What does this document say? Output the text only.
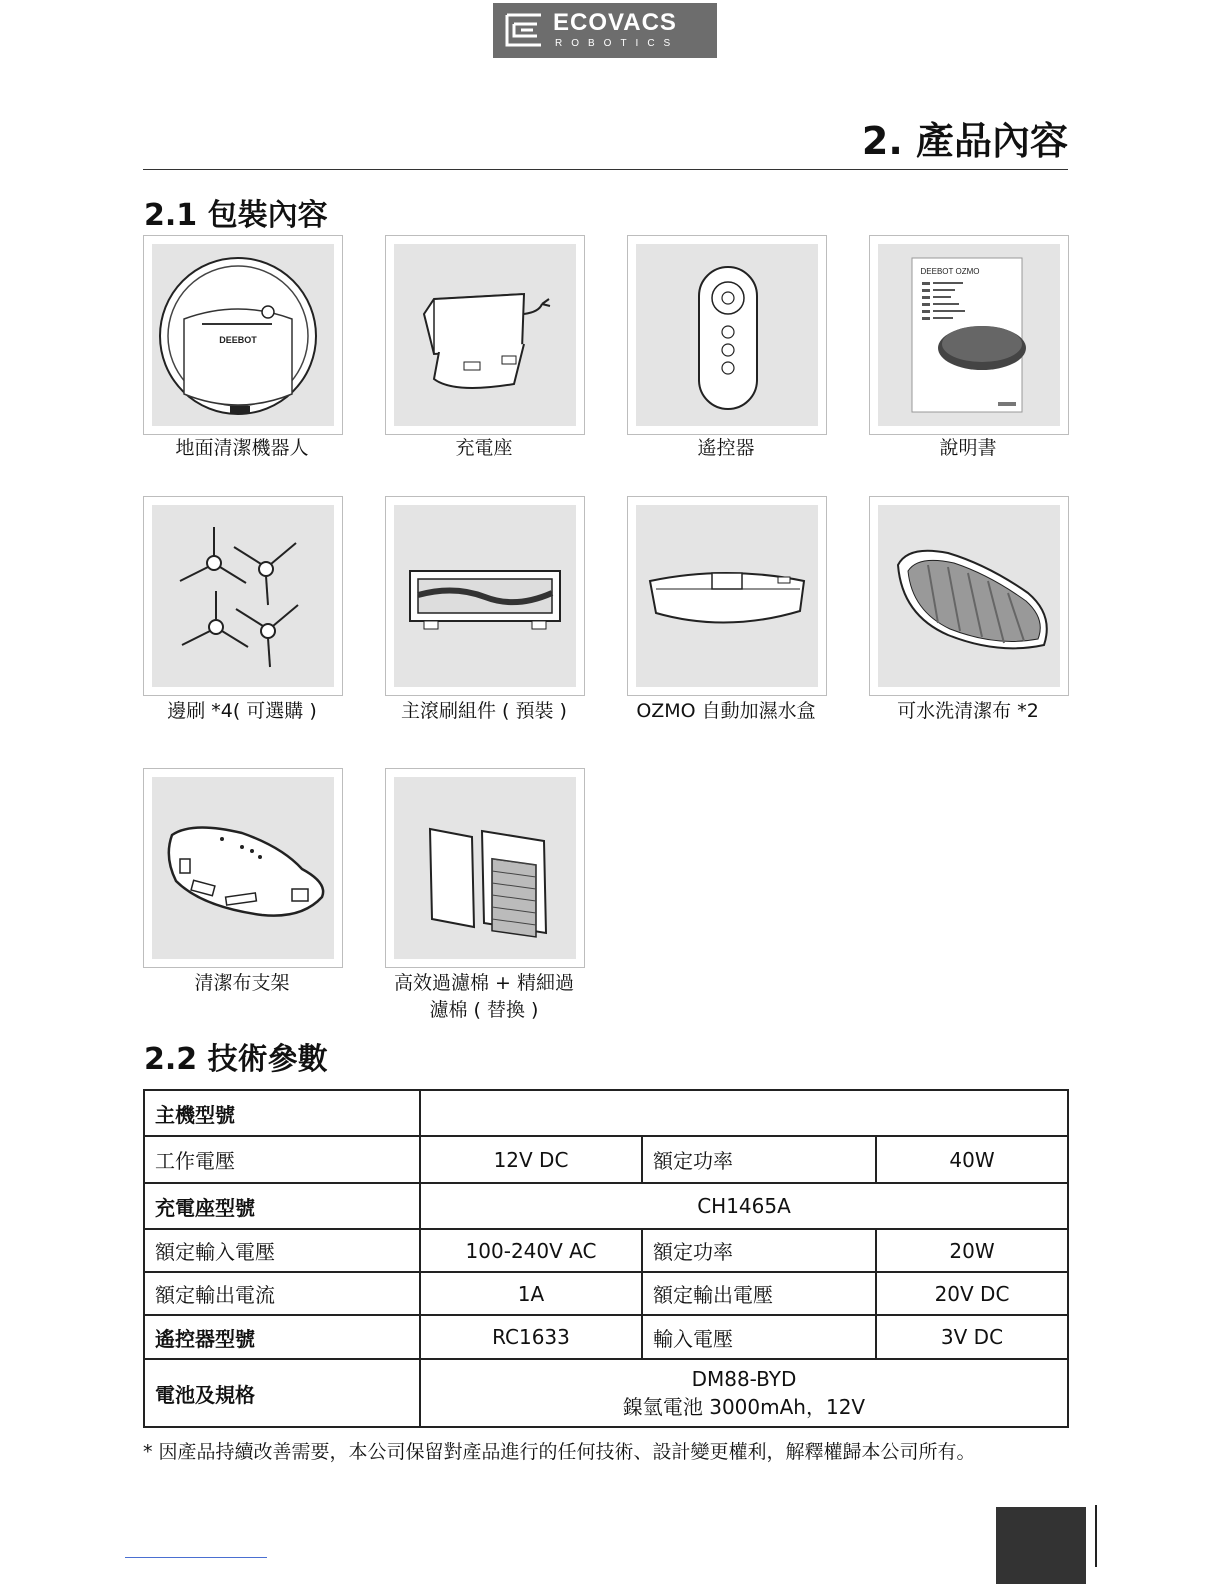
ECOVACS
ROBOTICS
2. 產品內容
2.1 包裝內容
DEEBOT
地面清潔機器人	充電座	遙控器
DEEBOT OZMO
說明書
邊刷 *4( 可選購 )	主滾刷組件 ( 預裝 )	OZMO 自動加濕水盒	可水洗清潔布 *2
清潔布支架	高效過濾棉 + 精細過
濾棉 ( 替換 )
2.2 技術參數
主機型號			
工作電壓	12V DC	額定功率	40W
充電座型號	CH1465A		
額定輸入電壓	100-240V AC	額定功率	20W
額定輸出電流	1A	額定輸出電壓	20V DC
遙控器型號	RC1633	輸入電壓	3V DC
電池及規格	DM88-BYD
鎳氫電池 3000mAh，12V		
* 因產品持續改善需要，本公司保留對產品進行的任何技術、設計變更權利，解釋權歸本公司所有。
